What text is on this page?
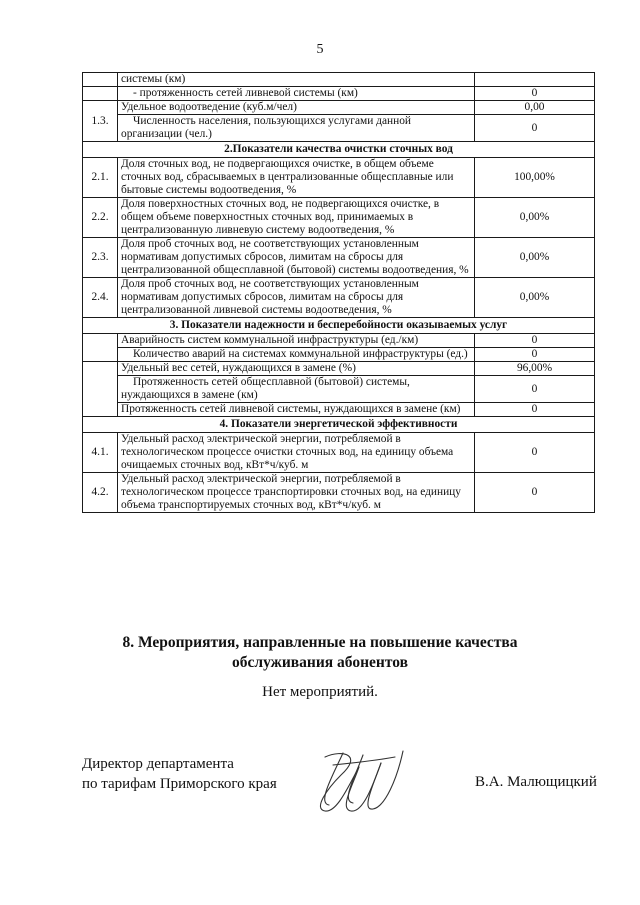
5
	системы (км)	
	- протяженность сетей ливневой системы (км)	0
1.3.	Удельное водоотведение (куб.м/чел)	0,00
	Численность населения, пользующихся услугами данной организации (чел.)	0
2.Показатели качества очистки сточных вод		
2.1.	Доля сточных вод, не подвергающихся очистке, в общем объеме сточных вод, сбрасываемых в централизованные общесплавные или бытовые системы водоотведения, %	100,00%
2.2.	Доля поверхностных сточных вод, не подвергающихся очистке, в общем объеме поверхностных сточных вод, принимаемых в централизованную ливневую систему водоотведения, %	0,00%
2.3.	Доля проб сточных вод, не соответствующих установленным нормативам допустимых сбросов, лимитам на сбросы для централизованной общесплавной (бытовой) системы водоотведения, %	0,00%
2.4.	Доля проб сточных вод, не соответствующих установленным нормативам допустимых сбросов, лимитам на сбросы для централизованной ливневой системы водоотведения, %	0,00%
3. Показатели надежности и бесперебойности оказываемых услуг		
	Аварийность систем коммунальной инфраструктуры (ед./км)	0
	Количество аварий на системах коммунальной инфраструктуры (ед.)	0
	Удельный вес сетей, нуждающихся в замене (%)	96,00%
	Протяженность сетей общесплавной (бытовой) системы, нуждающихся в замене (км)	0
	Протяженность сетей ливневой системы, нуждающихся в замене (км)	0
4. Показатели энергетической эффективности		
4.1.	Удельный расход электрической энергии, потребляемой в технологическом процессе очистки сточных вод, на единицу объема очищаемых сточных вод, кВт*ч/куб. м	0
4.2.	Удельный расход электрической энергии, потребляемой в технологическом процессе транспортировки сточных вод, на единицу объема транспортируемых сточных вод, кВт*ч/куб. м	0
8. Мероприятия, направленные на повышение качества
обслуживания абонентов
Нет мероприятий.
Директор департамента
по тарифам Приморского края	В.А. Малющицкий
